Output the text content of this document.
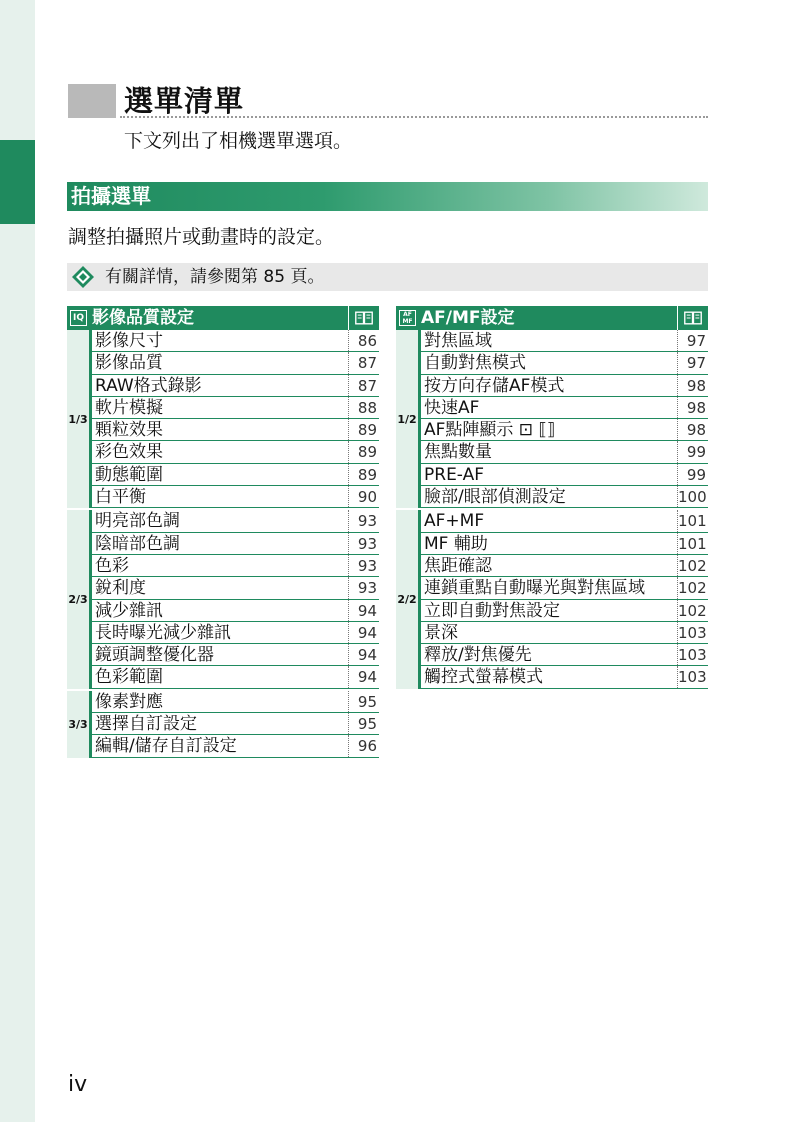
選單清單
下文列出了相機選單選項。
拍攝選單
調整拍攝照片或動畫時的設定。
有關詳情，請參閱第 85 頁。
IQ 影像品質設定
1/3
影像尺寸	86
影像品質	87
RAW格式錄影	87
軟片模擬	88
顆粒效果	89
彩色效果	89
動態範圍	89
白平衡	90
2/3
明亮部色調	93
陰暗部色調	93
色彩	93
銳利度	93
減少雜訊	94
長時曝光減少雜訊	94
鏡頭調整優化器	94
色彩範圍	94
3/3
像素對應	95
選擇自訂設定	95
編輯/儲存自訂設定	96
AF MF AF/MF設定
1/2
對焦區域	97
自動對焦模式	97
按方向存儲AF模式	98
快速AF	98
AF點陣顯示 ⊡ ⟦⟧	98
焦點數量	99
PRE-AF	99
臉部/眼部偵測設定	100
2/2
AF+MF	101
MF 輔助	101
焦距確認	102
連鎖重點自動曝光與對焦區域	102
立即自動對焦設定	102
景深	103
釋放/對焦優先	103
觸控式螢幕模式	103
iv
